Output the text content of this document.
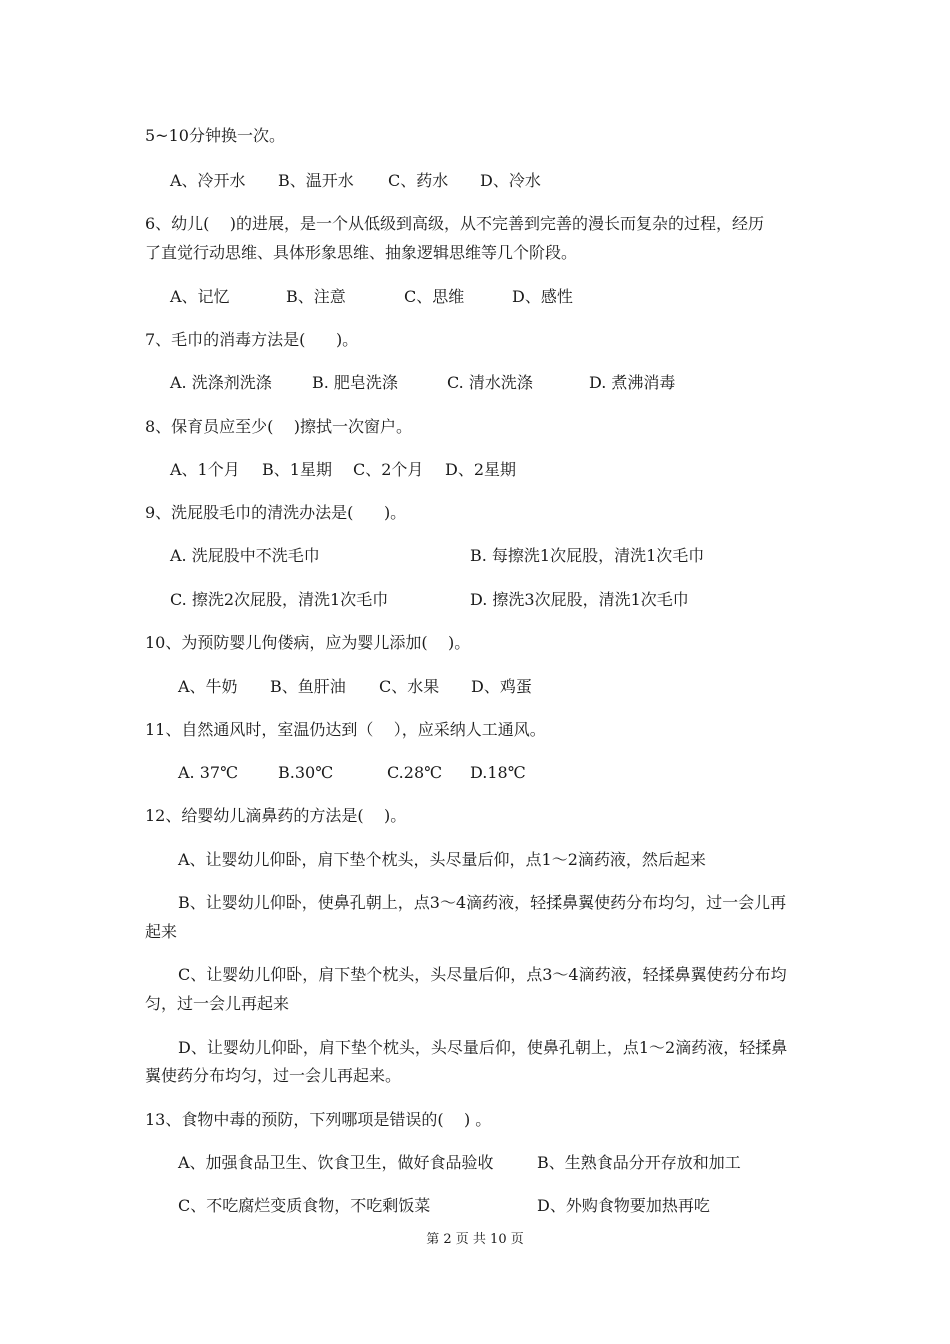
5~10分钟换一次。
A、冷开水 B、温开水 C、药水 D、冷水
6、幼儿(    )的进展，是一个从低级到高级，从不完善到完善的漫长而复杂的过程，经历
了直觉行动思维、具体形象思维、抽象逻辑思维等几个阶段。
A、记忆	B、注意	C、思维	D、感性
7、毛巾的消毒方法是(      )。
A. 洗涤剂洗涤	B. 肥皂洗涤	C. 清水洗涤	D. 煮沸消毒
8、保育员应至少(    )擦拭一次窗户。
A、1个月 B、1星期 C、2个月 D、2星期
9、洗屁股毛巾的清洗办法是(      )。
A. 洗屁股中不洗毛巾	B. 每擦洗1次屁股，清洗1次毛巾
C. 擦洗2次屁股，清洗1次毛巾	D. 擦洗3次屁股，清洗1次毛巾
10、为预防婴儿佝偻病，应为婴儿添加(    )。
A、牛奶 B、鱼肝油 C、水果 D、鸡蛋
11、自然通风时，室温仍达到（    ），应采纳人工通风。
A. 37℃	B.30℃	C.28℃ D.18℃
12、给婴幼儿滴鼻药的方法是(    )。
A、让婴幼儿仰卧，肩下垫个枕头，头尽量后仰，点1～2滴药液，然后起来
B、让婴幼儿仰卧，使鼻孔朝上，点3～4滴药液，轻揉鼻翼使药分布均匀，过一会儿再
起来
C、让婴幼儿仰卧，肩下垫个枕头，头尽量后仰，点3～4滴药液，轻揉鼻翼使药分布均
匀，过一会儿再起来
D、让婴幼儿仰卧，肩下垫个枕头，头尽量后仰，使鼻孔朝上，点1～2滴药液，轻揉鼻
翼使药分布均匀，过一会儿再起来。
13、食物中毒的预防，下列哪项是错误的(    ) 。
A、加强食品卫生、饮食卫生，做好食品验收	B、生熟食品分开存放和加工
C、不吃腐烂变质食物，不吃剩饭菜	D、外购食物要加热再吃
第 2 页 共 10 页
